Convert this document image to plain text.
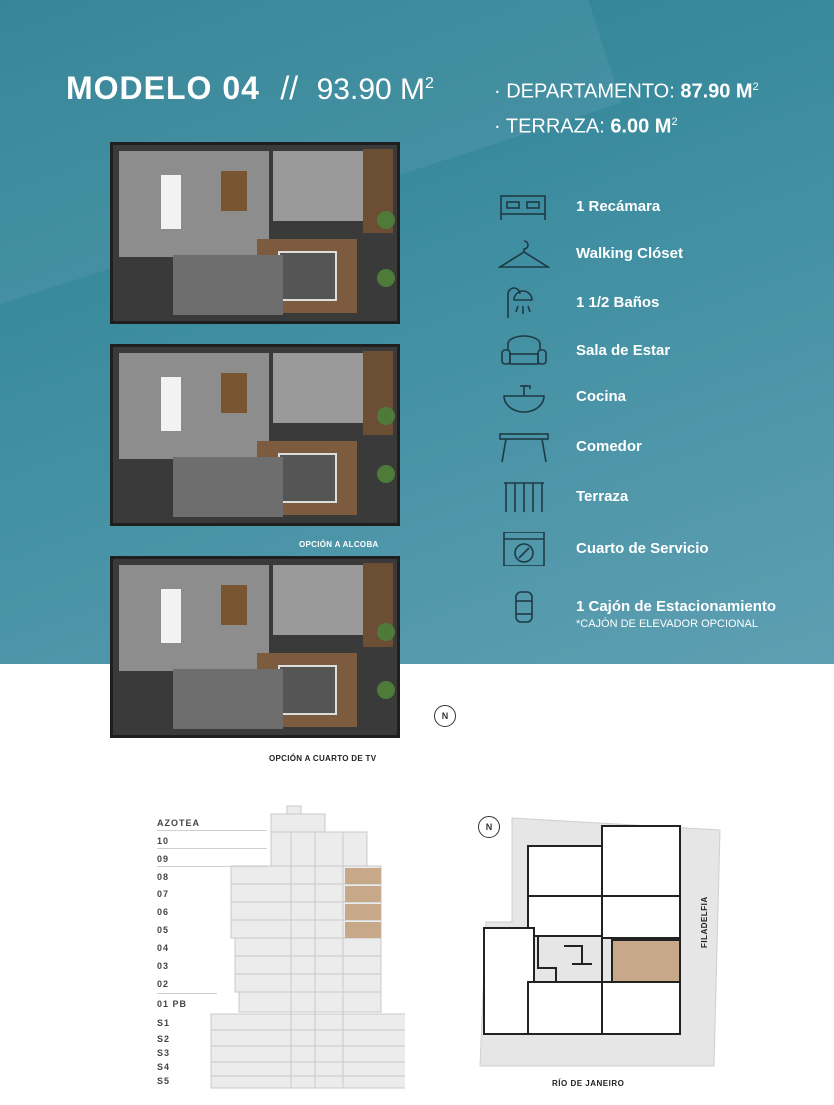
MODELO 04 // 93.90 $M^2$	· DEPARTAMENTO: 87.90 $M^2$
· TERRAZA: 6.00 $M^2$
OPCIÓN A ALCOBA
OPCIÓN A CUARTO DE TV
N
1 Recámara
Walking Clóset
1 1/2 Baños
Sala de Estar
Cocina
Comedor
Terraza
Cuarto de Servicio
1 Cajón de Estacionamiento
*CAJÓN DE ELEVADOR OPCIONAL
AZOTEA
10
09
08
07
06
05
04
03
02
01 PB
S1
S2
S3
S4
S5
N
RÍO DE JANEIRO
FILADELFIA
